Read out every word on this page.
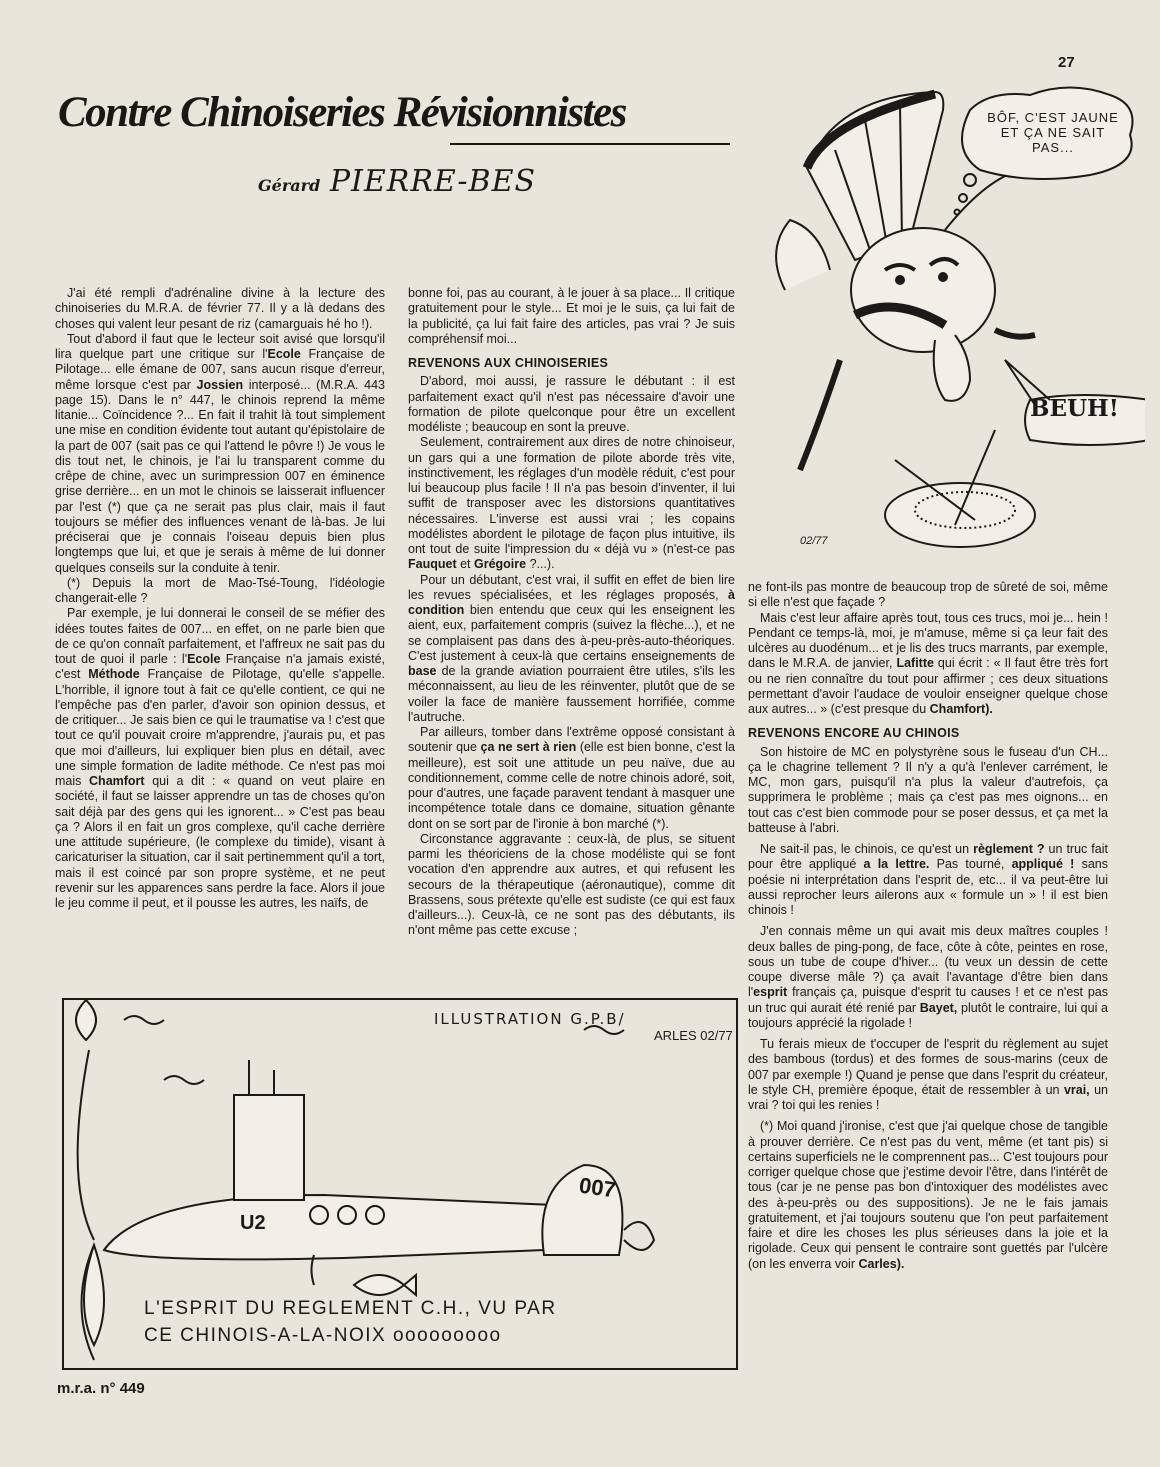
27
Contre Chinoiseries Révisionnistes
Gérard PIERRE-BES

J'ai été rempli d'adrénaline divine à la lecture des chinoiseries du M.R.A. de février 77. Il y a là dedans des choses qui valent leur pesant de riz (camarguais hé ho !).

Tout d'abord il faut que le lecteur soit avisé que lorsqu'il lira quelque part une critique sur l'Ecole Française de Pilotage... elle émane de 007, sans aucun risque d'erreur, même lorsque c'est par Jossien interposé... (M.R.A. 443 page 15). Dans le n° 447, le chinois reprend la même litanie... Coïncidence ?... En fait il trahit là tout simplement une mise en condition évidente tout autant qu'épistolaire de la part de 007 (sait pas ce qui l'attend le pôvre !) Je vous le dis tout net, le chinois, je l'ai lu transparent comme du crêpe de chine, avec un surimpression 007 en éminence grise derrière... en un mot le chinois se laisserait influencer par l'est (*) que ça ne serait pas plus clair, mais il faut toujours se méfier des influences venant de là-bas. Je lui préciserai que je connais l'oiseau depuis bien plus longtemps que lui, et que je serais à même de lui donner quelques conseils sur la conduite à tenir.

(*) Depuis la mort de Mao-Tsé-Toung, l'idéologie changerait-elle ?

Par exemple, je lui donnerai le conseil de se méfier des idées toutes faites de 007... en effet, on ne parle bien que de ce qu'on connaît parfaitement, et l'affreux ne sait pas du tout de quoi il parle : l'Ecole Française n'a jamais existé, c'est Méthode Française de Pilotage, qu'elle s'appelle. L'horrible, il ignore tout à fait ce qu'elle contient, ce qui ne l'empêche pas d'en parler, d'avoir son opinion dessus, et de critiquer... Je sais bien ce qui le traumatise va ! c'est que tout ce qu'il pouvait croire m'apprendre, j'aurais pu, et pas que moi d'ailleurs, lui expliquer bien plus en détail, avec une simple formation de ladite méthode. Ce n'est pas moi mais Chamfort qui a dit : « quand on veut plaire en société, il faut se laisser apprendre un tas de choses qu'on sait déjà par des gens qui les ignorent... » C'est pas beau ça ? Alors il en fait un gros complexe, qu'il cache derrière une attitude supérieure, (le complexe du timide), visant à caricaturiser la situation, car il sait pertinemment qu'il a tort, mais il est coincé par son propre système, et ne peut revenir sur les apparences sans perdre la face. Alors il joue le jeu comme il peut, et il pousse les autres, les naïfs, de

bonne foi, pas au courant, à le jouer à sa place... Il critique gratuitement pour le style... Et moi je le suis, ça lui fait de la publicité, ça lui fait faire des articles, pas vrai ? Je suis compréhensif moi...

REVENONS AUX CHINOISERIES

D'abord, moi aussi, je rassure le débutant : il est parfaitement exact qu'il n'est pas nécessaire d'avoir une formation de pilote quelconque pour être un excellent modéliste ; beaucoup en sont la preuve.

Seulement, contrairement aux dires de notre chinoiseur, un gars qui a une formation de pilote aborde très vite, instinctivement, les réglages d'un modèle réduit, c'est pour lui beaucoup plus facile ! Il n'a pas besoin d'inventer, il lui suffit de transposer avec les distorsions quantitatives nécessaires. L'inverse est aussi vrai ; les copains modélistes abordent le pilotage de façon plus intuitive, ils ont tout de suite l'impression du « déjà vu » (n'est-ce pas Fauquet et Grégoire ?...).

Pour un débutant, c'est vrai, il suffit en effet de bien lire les revues spécialisées, et les réglages proposés, à condition bien entendu que ceux qui les enseignent les aient, eux, parfaitement compris (suivez la flèche...), et ne se complaisent pas dans des à-peu-près-auto-théoriques. C'est justement à ceux-là que certains enseignements de base de la grande aviation pourraient être utiles, s'ils les méconnaissent, au lieu de les réinventer, plutôt que de se voiler la face de manière faussement horrifiée, comme l'autruche.

Par ailleurs, tomber dans l'extrême opposé consistant à soutenir que ça ne sert à rien (elle est bien bonne, c'est la meilleure), est soit une attitude un peu naïve, due au conditionnement, comme celle de notre chinois adoré, soit, pour d'autres, une façade paravent tendant à masquer une incompétence totale dans ce domaine, situation gênante dont on se sort par de l'ironie à bon marché (*).

Circonstance aggravante : ceux-là, de plus, se situent parmi les théoriciens de la chose modéliste qui se font vocation d'en apprendre aux autres, et qui refusent les secours de la thérapeutique (aéronautique), comme dit Brassens, sous prétexte qu'elle est sudiste (ce qui est faux d'ailleurs...). Ceux-là, ce ne sont pas des débutants, ils n'ont même pas cette excuse ;

ne font-ils pas montre de beaucoup trop de sûreté de soi, même si elle n'est que façade ?

Mais c'est leur affaire après tout, tous ces trucs, moi je... hein ! Pendant ce temps-là, moi, je m'amuse, même si ça leur fait des ulcères au duodénum... et je lis des trucs marrants, par exemple, dans le M.R.A. de janvier, Lafitte qui écrit : « Il faut être très fort ou ne rien connaître du tout pour affirmer ; ces deux situations permettant d'avoir l'audace de vouloir enseigner quelque chose aux autres... » (c'est presque du Chamfort).

REVENONS ENCORE AU CHINOIS

Son histoire de MC en polystyrène sous le fuseau d'un CH... ça le chagrine tellement ? Il n'y a qu'à l'enlever carrément, le MC, mon gars, puisqu'il n'a plus la valeur d'autrefois, ça supprimera le problème ; mais ça c'est pas mes oignons... en tout cas c'est bien commode pour se poser dessus, et ça met la batteuse à l'abri.

Ne sait-il pas, le chinois, ce qu'est un règlement ? un truc fait pour être appliqué a la lettre. Pas tourné, appliqué ! sans poésie ni interprétation dans l'esprit de, etc... il va peut-être lui aussi reprocher leurs ailerons aux « formule un » ! il est bien chinois !

J'en connais même un qui avait mis deux maîtres couples ! deux balles de ping-pong, de face, côte à côte, peintes en rose, sous un tube de coupe d'hiver... (tu veux un dessin de cette coupe diverse mâle ?) ça avait l'avantage d'être bien dans l'esprit français ça, puisque d'esprit tu causes ! et ce n'est pas un truc qui aurait été renié par Bayet, plutôt le contraire, lui qui a toujours apprécié la rigolade !

Tu ferais mieux de t'occuper de l'esprit du règlement au sujet des bambous (tordus) et des formes de sous-marins (ceux de 007 par exemple !) Quand je pense que dans l'esprit du créateur, le style CH, première époque, était de ressembler à un vrai, un vrai ? toi qui les renies !

(*) Moi quand j'ironise, c'est que j'ai quelque chose de tangible à prouver derrière. Ce n'est pas du vent, même (et tant pis) si certains superficiels ne le comprennent pas... C'est toujours pour corriger quelque chose que j'estime devoir l'être, dans l'intérêt de tous (car je ne pense pas bon d'intoxiquer des modélistes avec des à-peu-près ou des suppositions). Je ne le fais jamais gratuitement, et j'ai toujours soutenu que l'on peut parfaitement faire et dire les choses les plus sérieuses dans la joie et la rigolade. Ceux qui pensent le contraire sont guettés par l'ulcère (on les enverra voir Carles).

BÔF, C'EST JAUNE ET ÇA NE SAIT PAS...
BEUH!
02/77
ILLUSTRATION G.P.B/
ARLES 02/77
U2
007
L'ESPRIT DU REGLEMENT C.H., VU PAR
CE CHINOIS-A-LA-NOIX ooooooooo
m.r.a. n° 449
